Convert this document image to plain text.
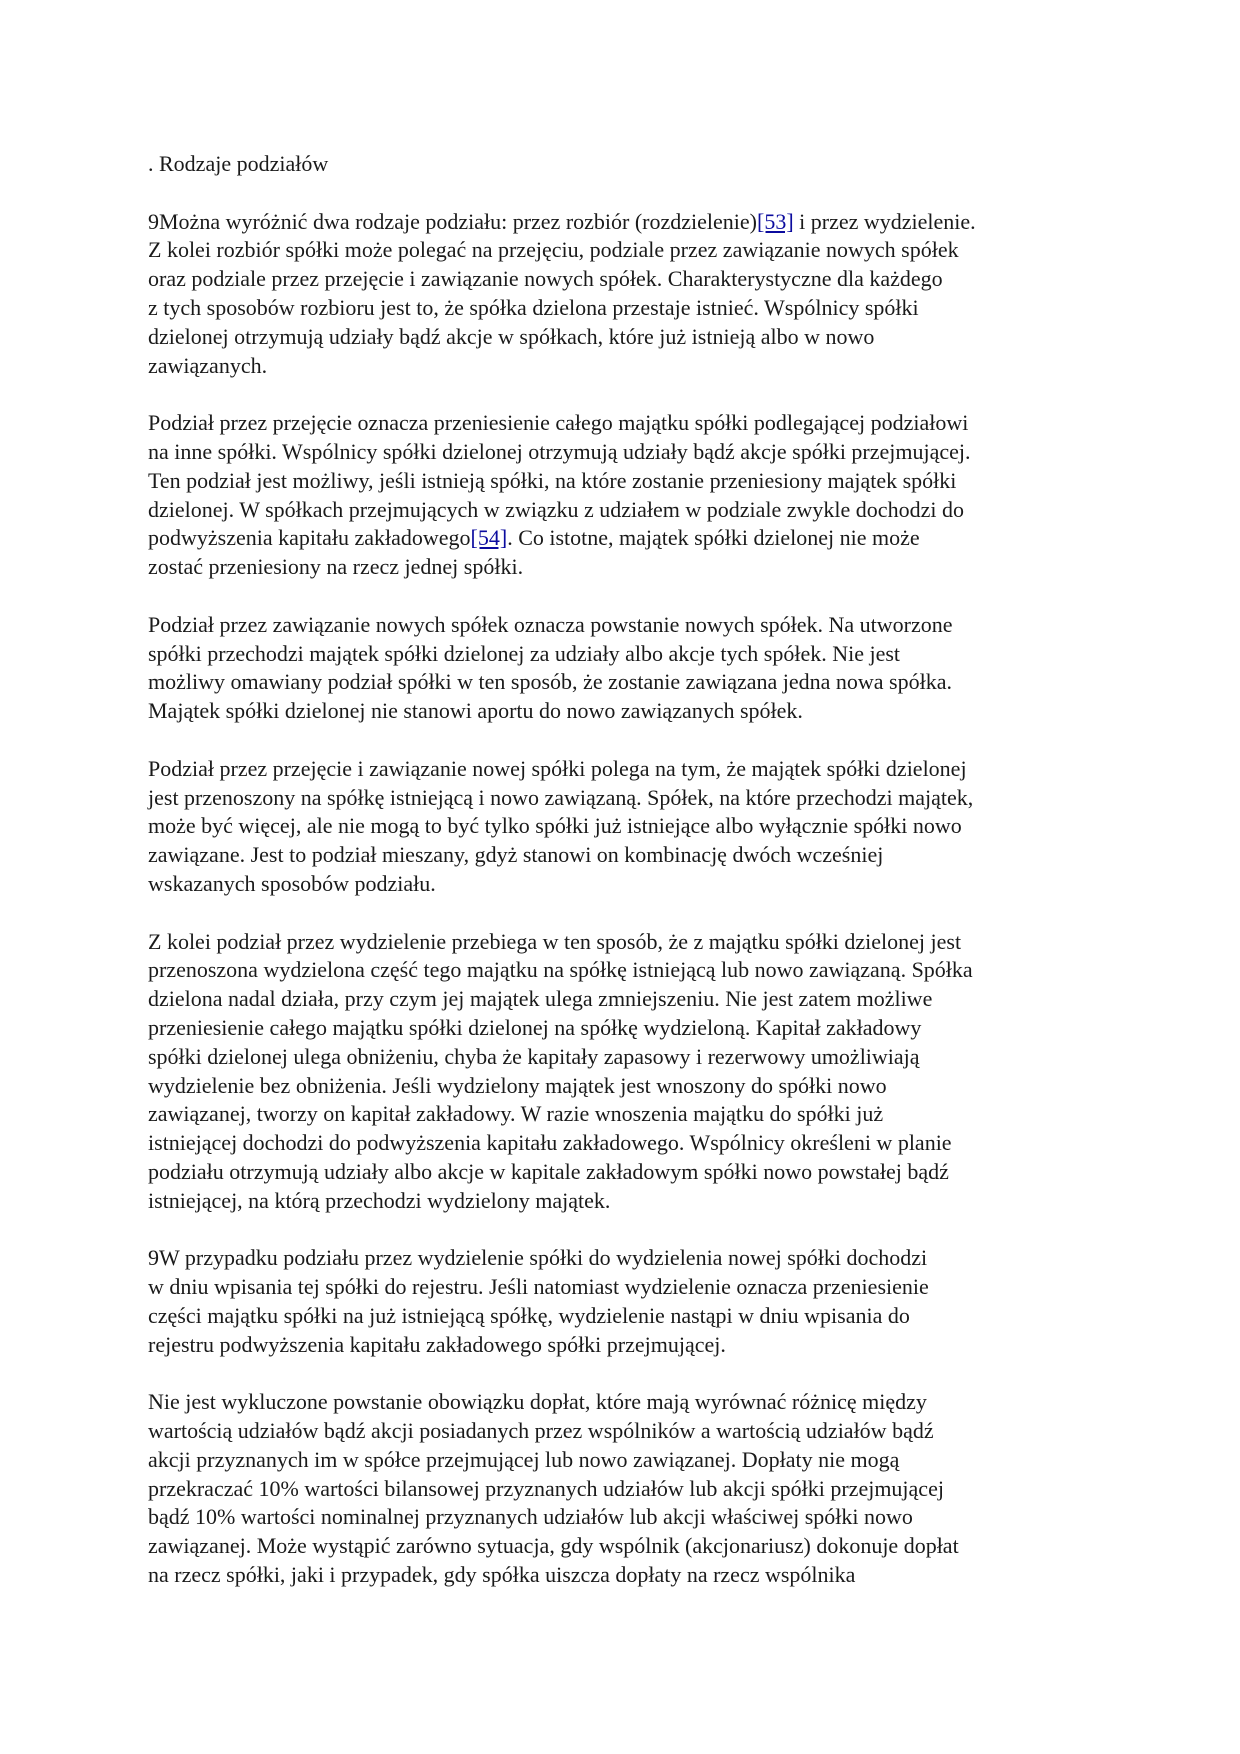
. Rodzaje podziałów
9Można wyróżnić dwa rodzaje podziału: przez rozbiór (rozdzielenie)[53] i przez wydzielenie.
Z kolei rozbiór spółki może polegać na przejęciu, podziale przez zawiązanie nowych spółek
oraz podziale przez przejęcie i zawiązanie nowych spółek. Charakterystyczne dla każdego
z tych sposobów rozbioru jest to, że spółka dzielona przestaje istnieć. Wspólnicy spółki
dzielonej otrzymują udziały bądź akcje w spółkach, które już istnieją albo w nowo
zawiązanych.
Podział przez przejęcie oznacza przeniesienie całego majątku spółki podlegającej podziałowi
na inne spółki. Wspólnicy spółki dzielonej otrzymują udziały bądź akcje spółki przejmującej.
Ten podział jest możliwy, jeśli istnieją spółki, na które zostanie przeniesiony majątek spółki
dzielonej. W spółkach przejmujących w związku z udziałem w podziale zwykle dochodzi do
podwyższenia kapitału zakładowego[54]. Co istotne, majątek spółki dzielonej nie może
zostać przeniesiony na rzecz jednej spółki.
Podział przez zawiązanie nowych spółek oznacza powstanie nowych spółek. Na utworzone
spółki przechodzi majątek spółki dzielonej za udziały albo akcje tych spółek. Nie jest
możliwy omawiany podział spółki w ten sposób, że zostanie zawiązana jedna nowa spółka.
Majątek spółki dzielonej nie stanowi aportu do nowo zawiązanych spółek.
Podział przez przejęcie i zawiązanie nowej spółki polega na tym, że majątek spółki dzielonej
jest przenoszony na spółkę istniejącą i nowo zawiązaną. Spółek, na które przechodzi majątek,
może być więcej, ale nie mogą to być tylko spółki już istniejące albo wyłącznie spółki nowo
zawiązane. Jest to podział mieszany, gdyż stanowi on kombinację dwóch wcześniej
wskazanych sposobów podziału.
Z kolei podział przez wydzielenie przebiega w ten sposób, że z majątku spółki dzielonej jest
przenoszona wydzielona część tego majątku na spółkę istniejącą lub nowo zawiązaną. Spółka
dzielona nadal działa, przy czym jej majątek ulega zmniejszeniu. Nie jest zatem możliwe
przeniesienie całego majątku spółki dzielonej na spółkę wydzieloną. Kapitał zakładowy
spółki dzielonej ulega obniżeniu, chyba że kapitały zapasowy i rezerwowy umożliwiają
wydzielenie bez obniżenia. Jeśli wydzielony majątek jest wnoszony do spółki nowo
zawiązanej, tworzy on kapitał zakładowy. W razie wnoszenia majątku do spółki już
istniejącej dochodzi do podwyższenia kapitału zakładowego. Wspólnicy określeni w planie
podziału otrzymują udziały albo akcje w kapitale zakładowym spółki nowo powstałej bądź
istniejącej, na którą przechodzi wydzielony majątek.
9W przypadku podziału przez wydzielenie spółki do wydzielenia nowej spółki dochodzi
w dniu wpisania tej spółki do rejestru. Jeśli natomiast wydzielenie oznacza przeniesienie
części majątku spółki na już istniejącą spółkę, wydzielenie nastąpi w dniu wpisania do
rejestru podwyższenia kapitału zakładowego spółki przejmującej.
Nie jest wykluczone powstanie obowiązku dopłat, które mają wyrównać różnicę między
wartością udziałów bądź akcji posiadanych przez wspólników a wartością udziałów bądź
akcji przyznanych im w spółce przejmującej lub nowo zawiązanej. Dopłaty nie mogą
przekraczać 10% wartości bilansowej przyznanych udziałów lub akcji spółki przejmującej
bądź 10% wartości nominalnej przyznanych udziałów lub akcji właściwej spółki nowo
zawiązanej. Może wystąpić zarówno sytuacja, gdy wspólnik (akcjonariusz) dokonuje dopłat
na rzecz spółki, jaki i przypadek, gdy spółka uiszcza dopłaty na rzecz wspólnika
